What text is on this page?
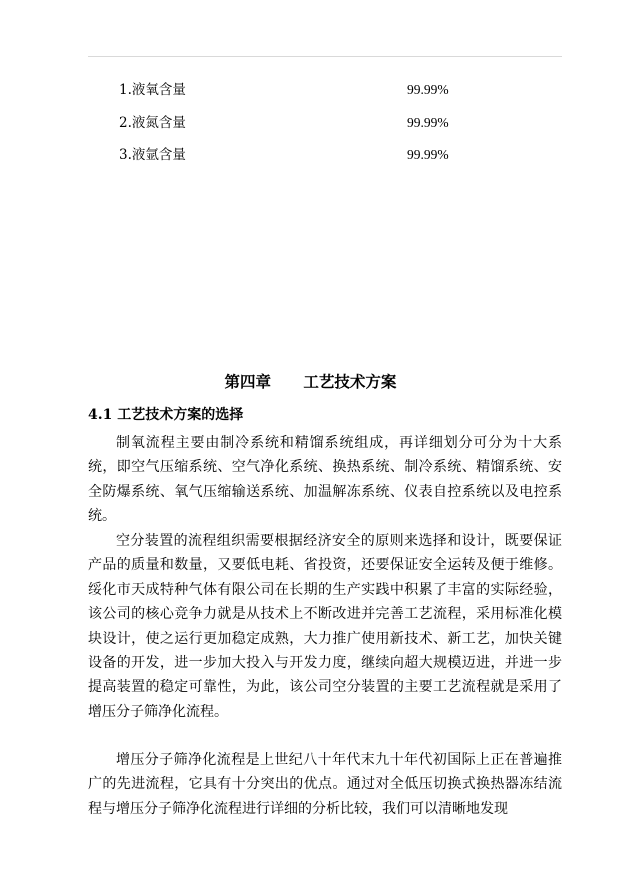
1.液氧含量	99.99%
2.液氮含量	99.99%
3.液氩含量	99.99%
第四章      工艺技术方案
4.1 工艺技术方案的选择

制氧流程主要由制冷系统和精馏系统组成，再详细划分可分为十大系统，即空气压缩系统、空气净化系统、换热系统、制冷系统、精馏系统、安全防爆系统、氧气压缩输送系统、加温解冻系统、仪表自控系统以及电控系统。

空分装置的流程组织需要根据经济安全的原则来选择和设计，既要保证产品的质量和数量，又要低电耗、省投资，还要保证安全运转及便于维修。绥化市天成特种气体有限公司在长期的生产实践中积累了丰富的实际经验，该公司的核心竞争力就是从技术上不断改进并完善工艺流程，采用标准化模块设计，使之运行更加稳定成熟，大力推广使用新技术、新工艺，加快关键设备的开发，进一步加大投入与开发力度，继续向超大规模迈进，并进一步提高装置的稳定可靠性，为此，该公司空分装置的主要工艺流程就是采用了增压分子筛净化流程。

增压分子筛净化流程是上世纪八十年代末九十年代初国际上正在普遍推广的先进流程，它具有十分突出的优点。通过对全低压切换式换热器冻结流程与增压分子筛净化流程进行详细的分析比较，我们可以清晰地发现
